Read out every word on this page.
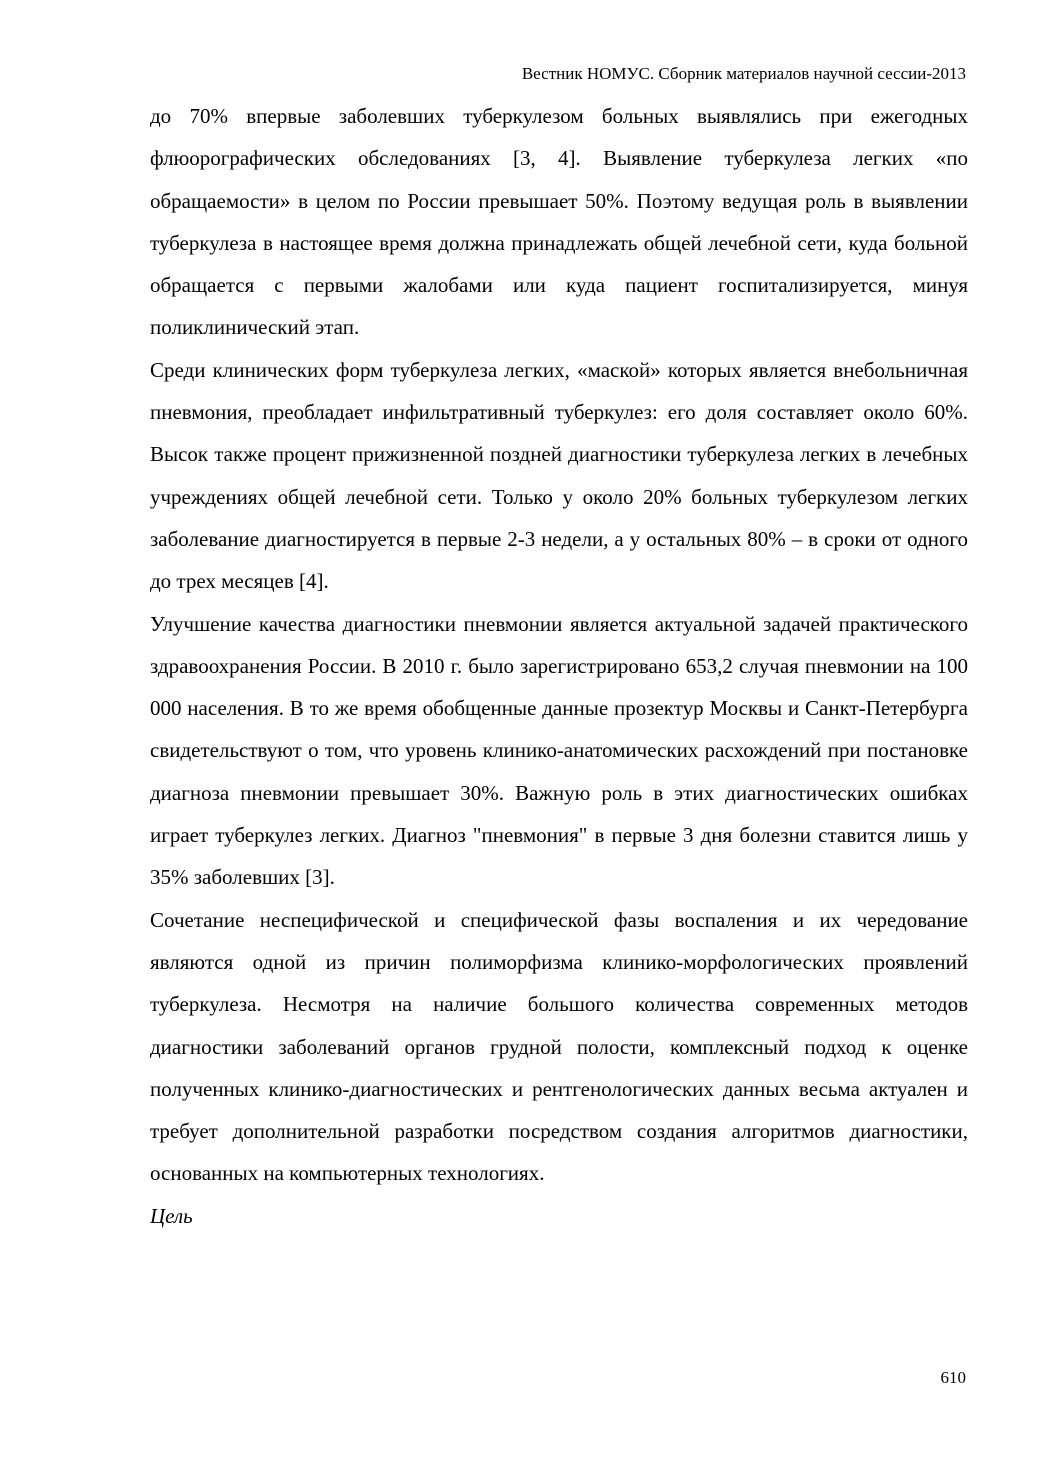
Вестник НОМУС. Сборник материалов научной сессии-2013

до 70% впервые заболевших туберкулезом больных выявлялись при ежегодных флюорографических обследованиях [3, 4]. Выявление туберкулеза легких «по обращаемости» в целом по России превышает 50%. Поэтому ведущая роль в выявлении туберкулеза в настоящее время должна принадлежать общей лечебной сети, куда больной обращается с первыми жалобами или куда пациент госпитализируется, минуя поликлинический этап.

Среди клинических форм туберкулеза легких, «маской» которых является внебольничная пневмония, преобладает инфильтративный туберкулез: его доля составляет около 60%. Высок также процент прижизненной поздней диагностики туберкулеза легких в лечебных учреждениях общей лечебной сети. Только у около 20% больных туберкулезом легких заболевание диагностируется в первые 2-3 недели, а у остальных 80% – в сроки от одного до трех месяцев [4].

Улучшение качества диагностики пневмонии является актуальной задачей практического здравоохранения России. В 2010 г. было зарегистрировано 653,2 случая пневмонии на 100 000 населения. В то же время обобщенные данные прозектур Москвы и Санкт-Петербурга свидетельствуют о том, что уровень клинико-анатомических расхождений при постановке диагноза пневмонии превышает 30%. Важную роль в этих диагностических ошибках играет туберкулез легких. Диагноз "пневмония" в первые 3 дня болезни ставится лишь у 35% заболевших [3].

Сочетание неспецифической и специфической фазы воспаления и их чередование являются одной из причин полиморфизма клинико-морфологических проявлений туберкулеза. Несмотря на наличие большого количества современных методов диагностики заболеваний органов грудной полости, комплексный подход к оценке полученных клинико-диагностических и рентгенологических данных весьма актуален и требует дополнительной разработки посредством создания алгоритмов диагностики, основанных на компьютерных технологиях.

Цель

610
